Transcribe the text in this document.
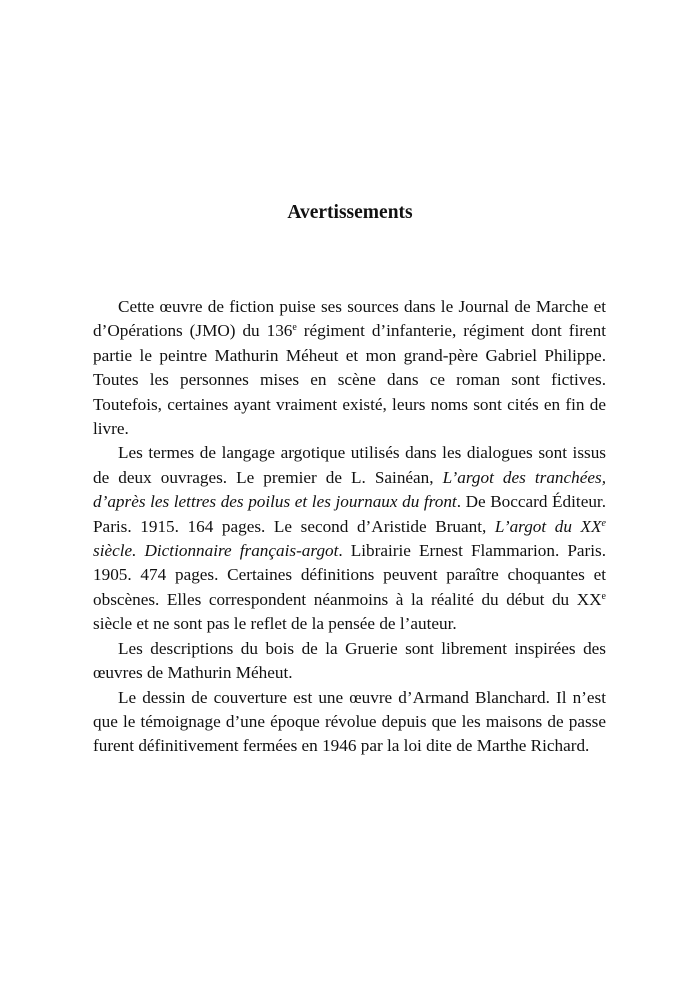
Avertissements

Cette œuvre de fiction puise ses sources dans le Journal de Marche et d’Opérations (JMO) du 136e régiment d’infanterie, régiment dont firent partie le peintre Mathurin Méheut et mon grand-père Gabriel Philippe. Toutes les personnes mises en scène dans ce roman sont fictives. Toutefois, certaines ayant vraiment existé, leurs noms sont cités en fin de livre.

Les termes de langage argotique utilisés dans les dialogues sont issus de deux ouvrages. Le premier de L. Sainéan, L’argot des tranchées, d’après les lettres des poilus et les journaux du front. De Boccard Éditeur. Paris. 1915. 164 pages. Le second d’Aristide Bruant, L’argot du XXe siècle. Dictionnaire français-argot. Librairie Ernest Flammarion. Paris. 1905. 474 pages. Certaines définitions peuvent paraître choquantes et obscènes. Elles correspondent néanmoins à la réalité du début du XXe siècle et ne sont pas le reflet de la pensée de l’auteur.

Les descriptions du bois de la Gruerie sont librement inspirées des œuvres de Mathurin Méheut.

Le dessin de couverture est une œuvre d’Armand Blanchard. Il n’est que le témoignage d’une époque révolue depuis que les maisons de passe furent définitivement fermées en 1946 par la loi dite de Marthe Richard.
